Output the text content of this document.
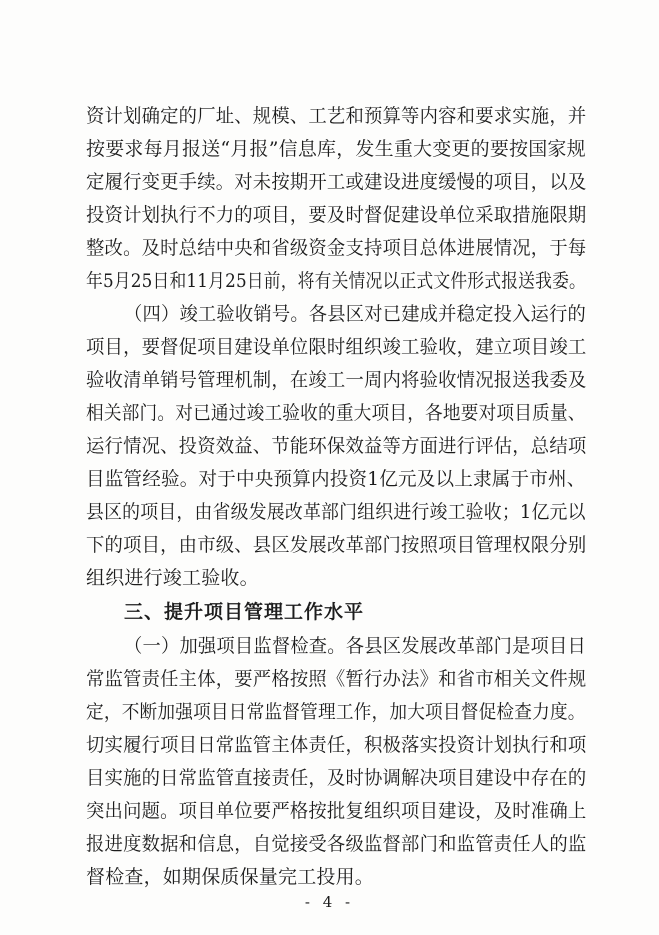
资计划确定的厂址、规模、工艺和预算等内容和要求实施，并
按要求每月报送“月报”信息库，发生重大变更的要按国家规
定履行变更手续。对未按期开工或建设进度缓慢的项目，以及
投资计划执行不力的项目，要及时督促建设单位采取措施限期
整改。及时总结中央和省级资金支持项目总体进展情况，于每
年5月25日和11月25日前，将有关情况以正式文件形式报送我委。
（四）竣工验收销号。各县区对已建成并稳定投入运行的
项目，要督促项目建设单位限时组织竣工验收，建立项目竣工
验收清单销号管理机制，在竣工一周内将验收情况报送我委及
相关部门。对已通过竣工验收的重大项目，各地要对项目质量、
运行情况、投资效益、节能环保效益等方面进行评估，总结项
目监管经验。对于中央预算内投资1亿元及以上隶属于市州、
县区的项目，由省级发展改革部门组织进行竣工验收；1亿元以
下的项目，由市级、县区发展改革部门按照项目管理权限分别
组织进行竣工验收。
三、提升项目管理工作水平
（一）加强项目监督检查。各县区发展改革部门是项目日
常监管责任主体，要严格按照《暂行办法》和省市相关文件规
定，不断加强项目日常监督管理工作，加大项目督促检查力度。
切实履行项目日常监管主体责任，积极落实投资计划执行和项
目实施的日常监管直接责任，及时协调解决项目建设中存在的
突出问题。项目单位要严格按批复组织项目建设，及时准确上
报进度数据和信息，自觉接受各级监督部门和监管责任人的监
督检查，如期保质保量完工投用。
- 4 -
